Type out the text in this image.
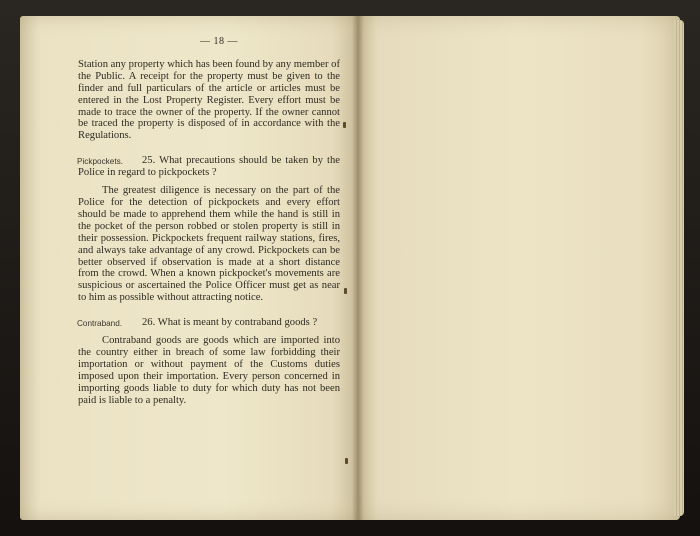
— 18 —

Station any property which has been found by any member of the Public. A receipt for the property must be given to the finder and full particulars of the article or articles must be entered in the Lost Property Register. Every effort must be made to trace the owner of the property. If the owner cannot be traced the property is disposed of in accordance with the Regulations.

Pickpockets.	25. What precautions should be taken by the Police in regard to pickpockets ?

The greatest diligence is necessary on the part of the Police for the detection of pickpockets and every effort should be made to apprehend them while the hand is still in the pocket of the person robbed or stolen property is still in their possession. Pickpockets frequent railway stations, fires, and always take advantage of any crowd. Pickpockets can be better observed if observation is made at a short distance from the crowd. When a known pickpocket's movements are suspicious or ascertained the Police Officer must get as near to him as possible without attracting notice.

Contraband.	26. What is meant by contraband goods ?

Contraband goods are goods which are imported into the country either in breach of some law forbidding their importation or without payment of the Customs duties imposed upon their importation. Every person concerned in importing goods liable to duty for which duty has not been paid is liable to a penalty.
